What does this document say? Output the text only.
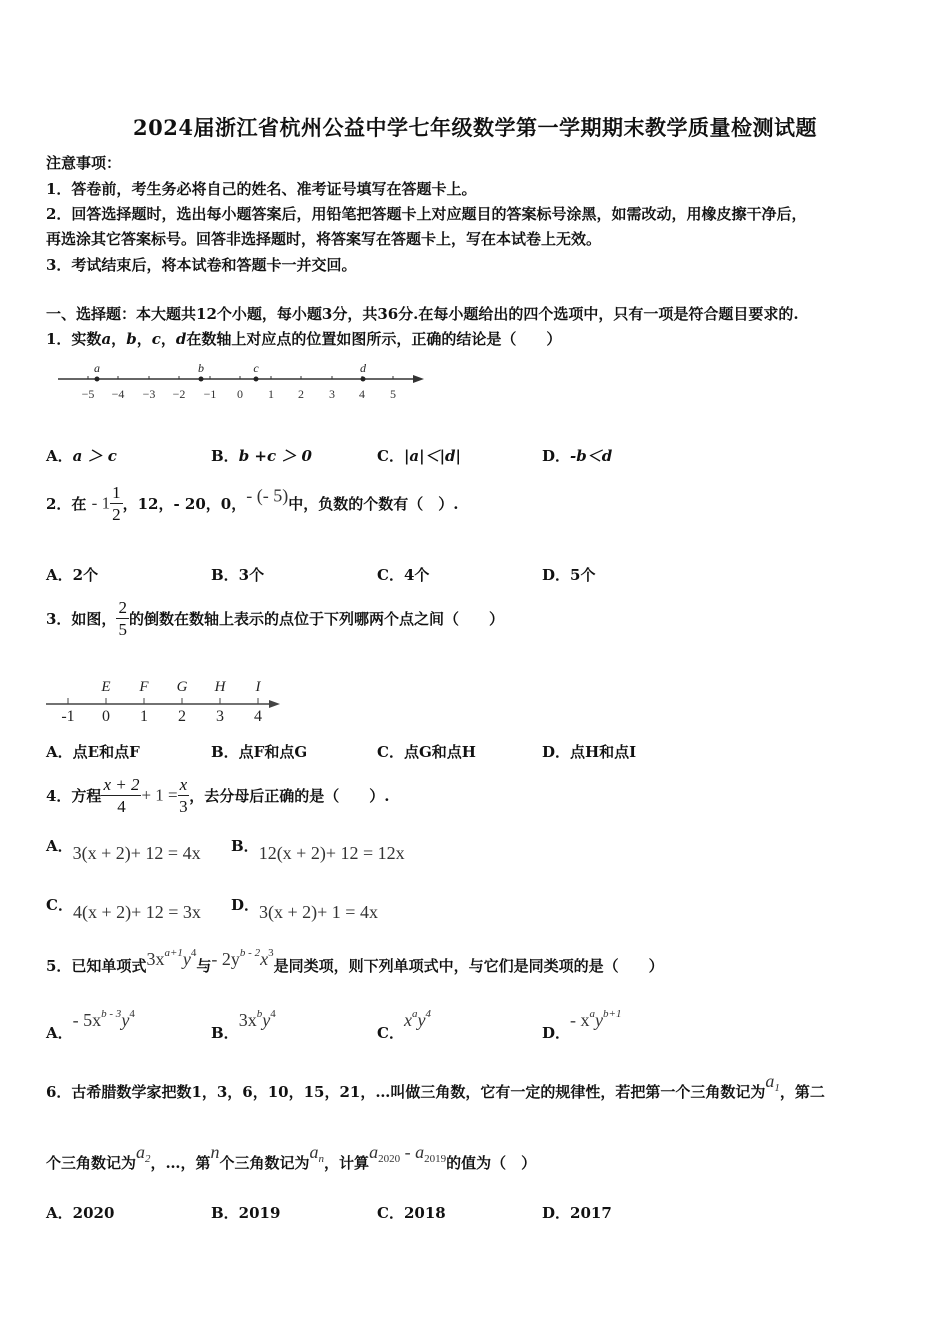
2024届浙江省杭州公益中学七年级数学第一学期期末教学质量检测试题
注意事项：
1．答卷前，考生务必将自己的姓名、准考证号填写在答题卡上。
2．回答选择题时，选出每小题答案后，用铅笔把答题卡上对应题目的答案标号涂黑，如需改动，用橡皮擦干净后，
再选涂其它答案标号。回答非选择题时，将答案写在答题卡上，写在本试卷上无效。
3．考试结束后，将本试卷和答题卡一并交回。
一、选择题：本大题共12个小题，每小题3分，共36分.在每小题给出的四个选项中，只有一项是符合题目要求的.
1．实数a，b，c，d在数轴上对应点的位置如图所示，正确的结论是（　　）
−5 −4 −3 −2 −1 0 1 2 3 4 5
a	b	c	d
A．a ＞ c	B．b +c ＞ 0	C．|a|＜|d|	D．-b＜d
2．在 - $1 \frac{1}{2}$ ，12，- 20，0，- (- 5)中，负数的个数有（　）.
A．2个	B．3个	C．4个	D．5个
3．如图， $\frac{2}{5}$ 的倒数在数轴上表示的点位于下列哪两个点之间（　　）
-1 0 1 2 3 4
E F G H I
A．点E和点F	B．点F和点G	C．点G和点H	D．点H和点I
4．方程 $\frac{x + 2}{4} + 1 = \frac{x}{3}$ ，去分母后正确的是（　　）.
A．3(x + 2)+ 12 = 4x B．12(x + 2)+ 12 = 12x
C．4(x + 2)+ 12 = 3x D．3(x + 2)+ 1 = 4x
5．已知单项式$3x^{a+1}y^4$与- $2y^{b - 2}x^3$是同类项，则下列单项式中，与它们是同类项的是（　　）
A．- $5x^{b - 3}y^4$
B．$3x^by^4$
C．$x^ay^4$
D．- $x^ay^{b+1}$
6．古希腊数学家把数1，3，6，10，15，21，…叫做三角数，它有一定的规律性，若把第一个三角数记为$a_1$，第二
个三角数记为$a_2$，…，第n个三角数记为$a_n$，计算$a_{2020} - a_{2019}$的值为（　）
A．2020	B．2019	C．2018	D．2017
